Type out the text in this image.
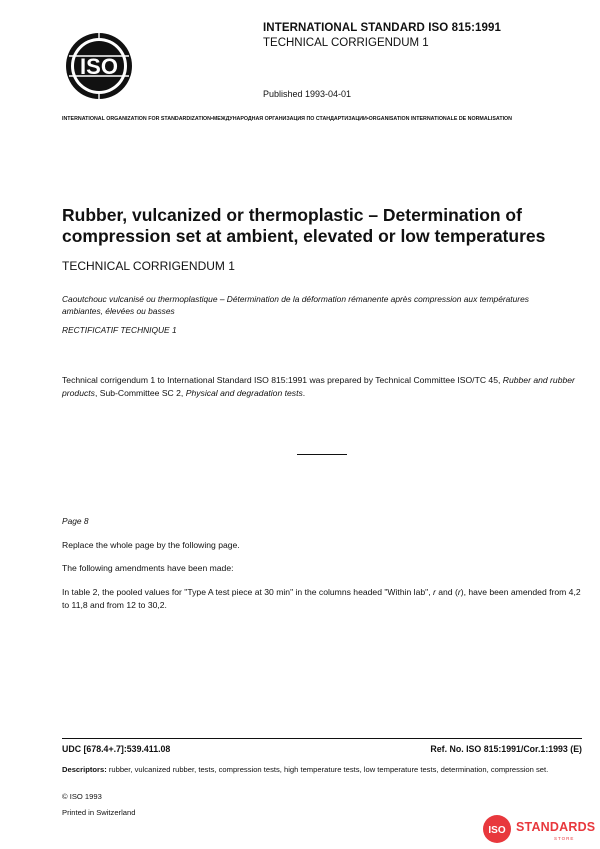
ISO
INTERNATIONAL STANDARD ISO 815:1991
TECHNICAL CORRIGENDUM 1
Published 1993-04-01
INTERNATIONAL ORGANIZATION FOR STANDARDIZATION•МЕЖДУНАРОДНАЯ ОРГАНИЗАЦИЯ ПО СТАНДАРТИЗАЦИИ•ORGANISATION INTERNATIONALE DE NORMALISATION
Rubber, vulcanized or thermoplastic – Determination of compression set at ambient, elevated or low temperatures
TECHNICAL CORRIGENDUM 1
Caoutchouc vulcanisé ou thermoplastique – Détermination de la déformation rémanente après compression aux températures ambiantes, élevées ou basses
RECTIFICATIF TECHNIQUE 1
Technical corrigendum 1 to International Standard ISO 815:1991 was prepared by Technical Committee ISO/TC 45, Rubber and rubber products, Sub-Committee SC 2, Physical and degradation tests.
Page 8
Replace the whole page by the following page.
The following amendments have been made:
In table 2, the pooled values for "Type A test piece at 30 min" in the columns headed "Within lab", r and (r), have been amended from 4,2 to 11,8 and from 12 to 30,2.
UDC [678.4+.7]:539.411.08	Ref. No. ISO 815:1991/Cor.1:1993 (E)
Descriptors: rubber, vulcanized rubber, tests, compression tests, high temperature tests, low temperature tests, determination, compression set.
© ISO 1993
Printed in Switzerland
ISO STANDARDS
STORE
